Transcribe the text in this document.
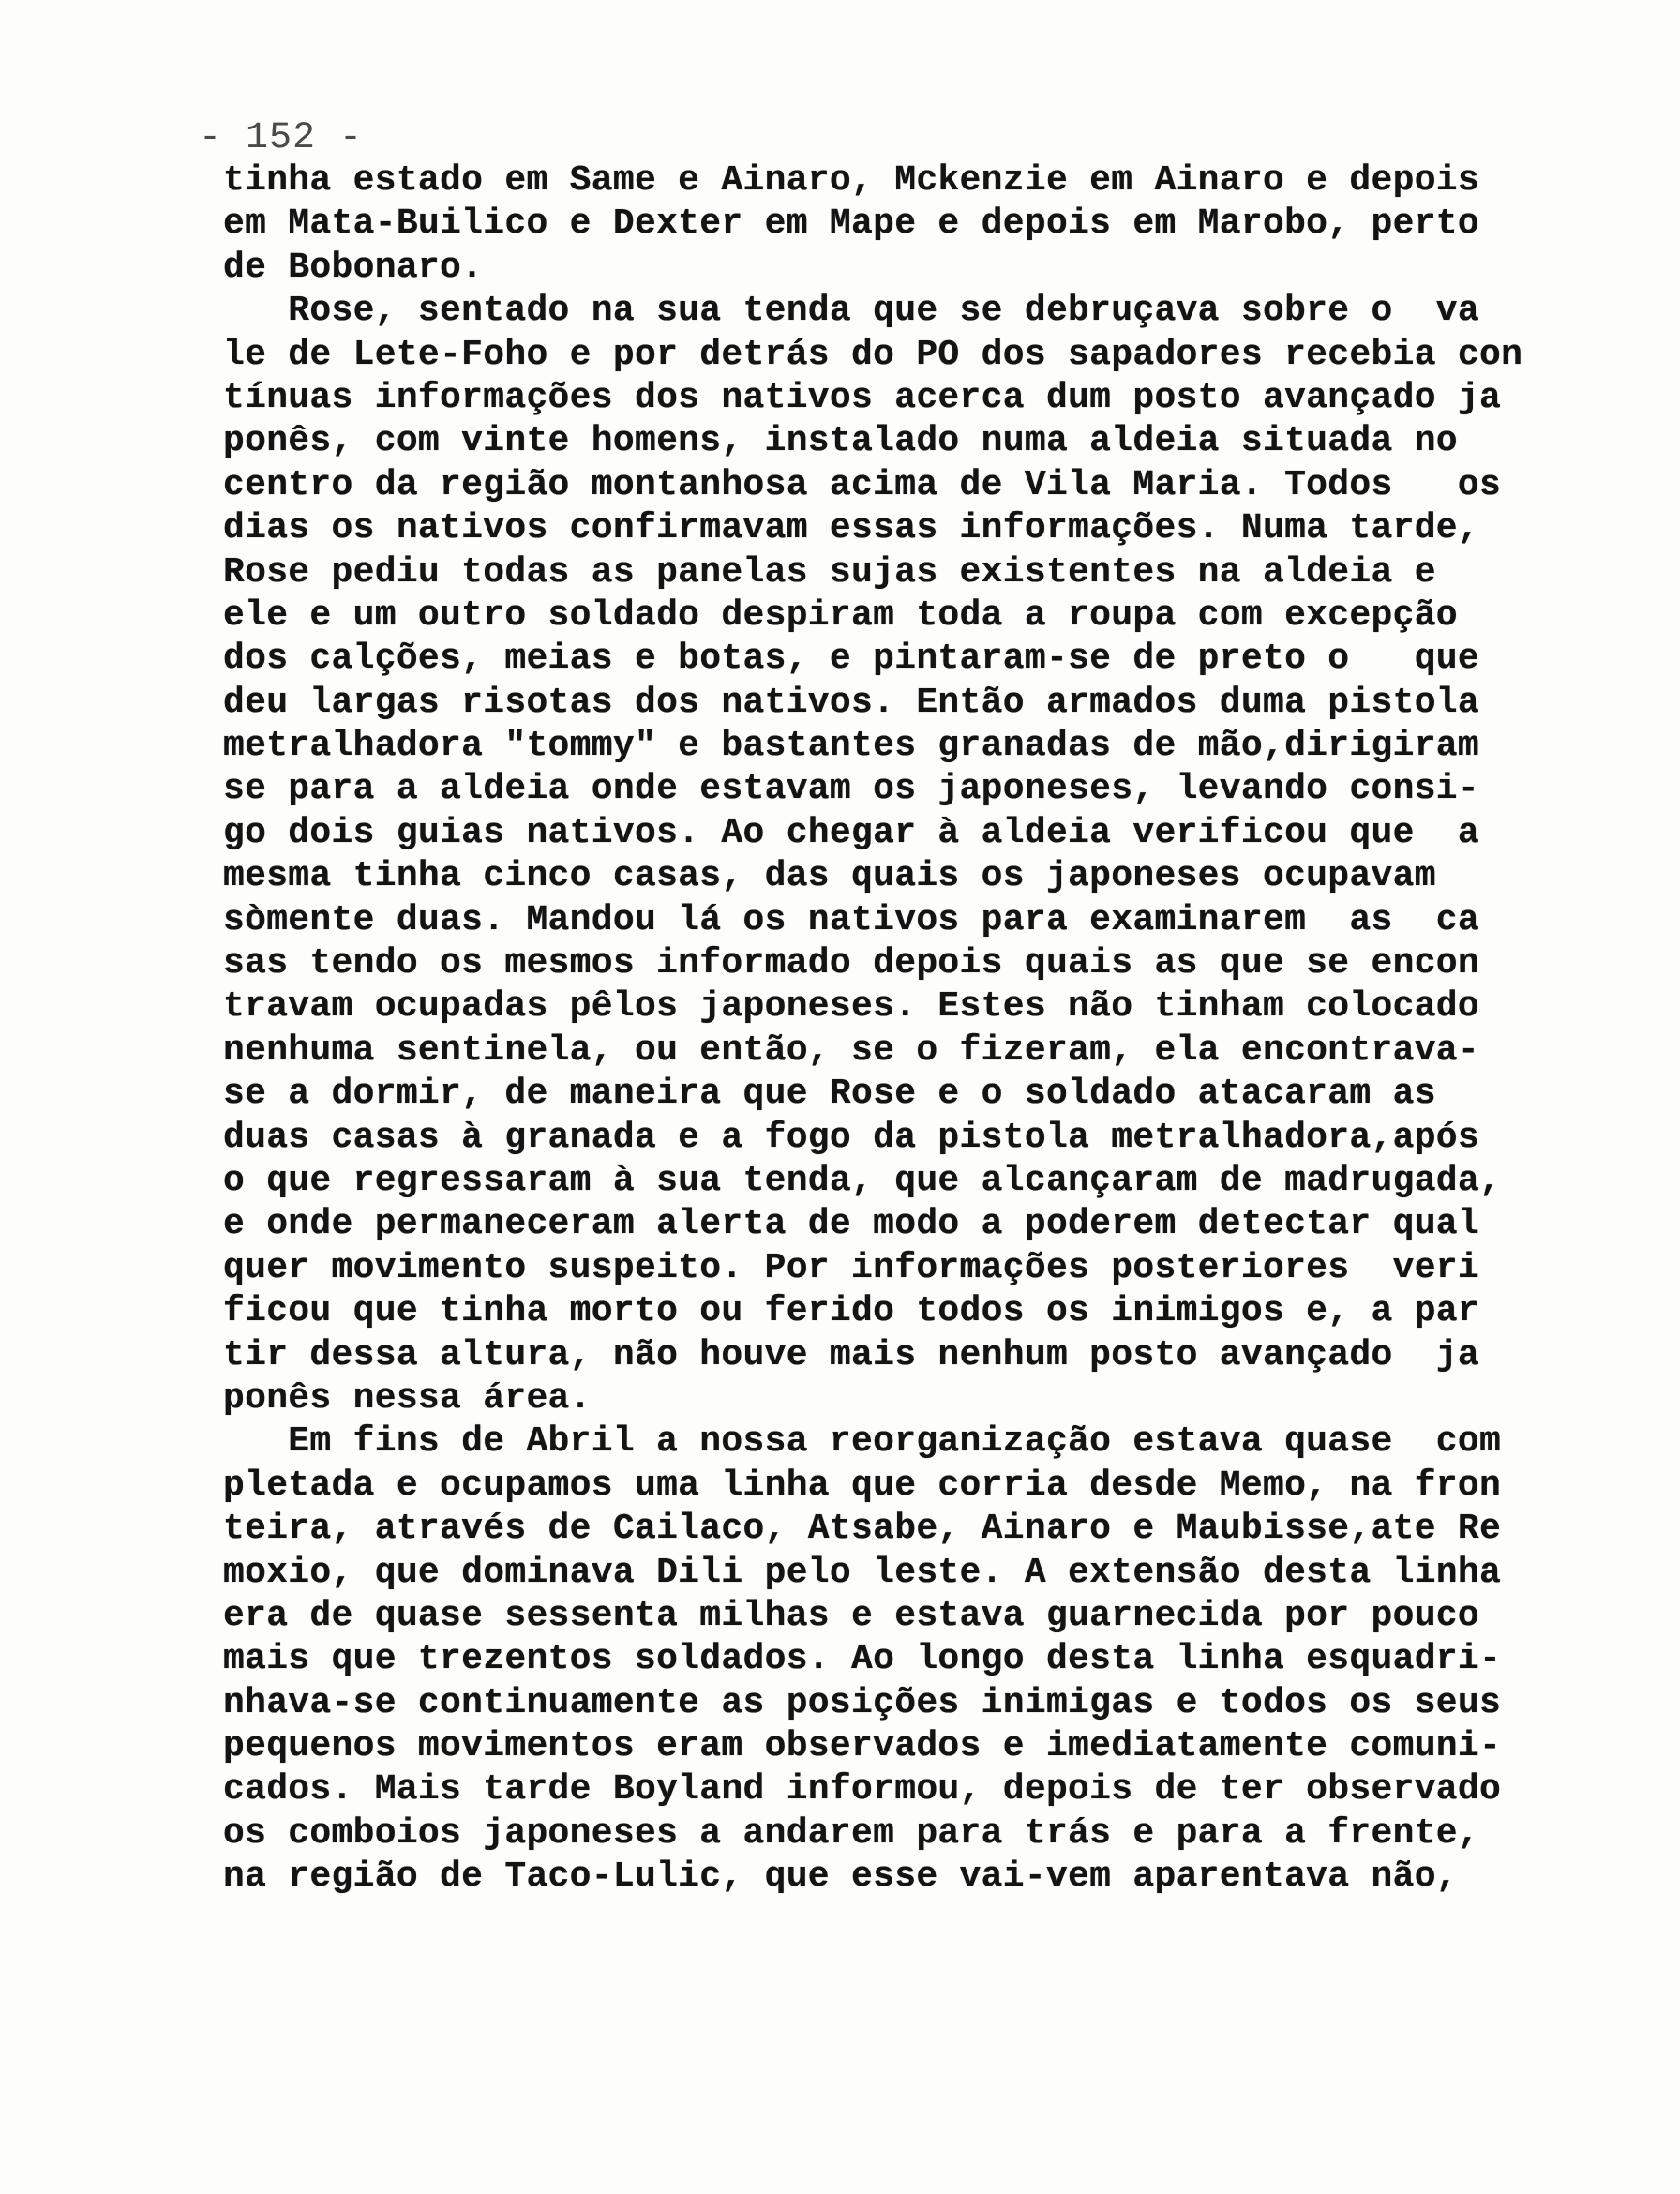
- 152 -
tinha estado em Same e Ainaro, Mckenzie em Ainaro e depois
em Mata-Builico e Dexter em Mape e depois em Marobo, perto
de Bobonaro.
Rose, sentado na sua tenda que se debruçava sobre o  va
le de Lete-Foho e por detrás do PO dos sapadores recebia con
tínuas informações dos nativos acerca dum posto avançado ja
ponês, com vinte homens, instalado numa aldeia situada no
centro da região montanhosa acima de Vila Maria. Todos   os
dias os nativos confirmavam essas informações. Numa tarde,
Rose pediu todas as panelas sujas existentes na aldeia e
ele e um outro soldado despiram toda a roupa com excepção
dos calções, meias e botas, e pintaram-se de preto o   que
deu largas risotas dos nativos. Então armados duma pistola
metralhadora "tommy" e bastantes granadas de mão,dirigiram
se para a aldeia onde estavam os japoneses, levando consi-
go dois guias nativos. Ao chegar à aldeia verificou que  a
mesma tinha cinco casas, das quais os japoneses ocupavam
sòmente duas. Mandou lá os nativos para examinarem  as  ca
sas tendo os mesmos informado depois quais as que se encon
travam ocupadas pêlos japoneses. Estes não tinham colocado
nenhuma sentinela, ou então, se o fizeram, ela encontrava-
se a dormir, de maneira que Rose e o soldado atacaram as
duas casas à granada e a fogo da pistola metralhadora,após
o que regressaram à sua tenda, que alcançaram de madrugada,
e onde permaneceram alerta de modo a poderem detectar qual
quer movimento suspeito. Por informações posteriores  veri
ficou que tinha morto ou ferido todos os inimigos e, a par
tir dessa altura, não houve mais nenhum posto avançado  ja
ponês nessa área.
Em fins de Abril a nossa reorganização estava quase  com
pletada e ocupamos uma linha que corria desde Memo, na fron
teira, através de Cailaco, Atsabe, Ainaro e Maubisse,ate Re
moxio, que dominava Dili pelo leste. A extensão desta linha
era de quase sessenta milhas e estava guarnecida por pouco
mais que trezentos soldados. Ao longo desta linha esquadri-
nhava-se continuamente as posições inimigas e todos os seus
pequenos movimentos eram observados e imediatamente comuni-
cados. Mais tarde Boyland informou, depois de ter observado
os comboios japoneses a andarem para trás e para a frente,
na região de Taco-Lulic, que esse vai-vem aparentava não,
